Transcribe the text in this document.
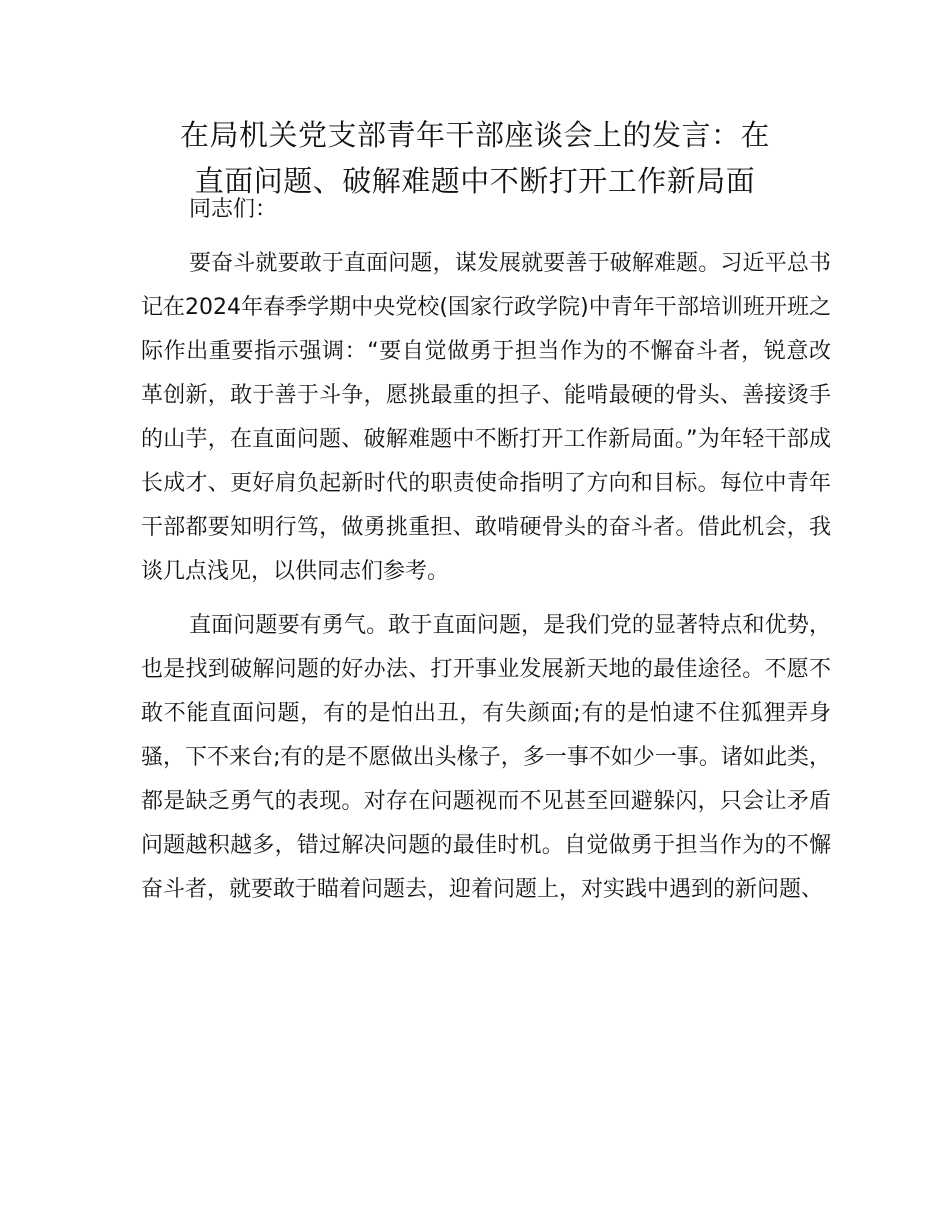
在局机关党支部青年干部座谈会上的发言：在
直面问题、破解难题中不断打开工作新局面

同志们：

要奋斗就要敢于直面问题，谋发展就要善于破解难题。习近平总书记在2024年春季学期中央党校(国家行政学院)中青年干部培训班开班之际作出重要指示强调：“要自觉做勇于担当作为的不懈奋斗者，锐意改革创新，敢于善于斗争，愿挑最重的担子、能啃最硬的骨头、善接烫手的山芋，在直面问题、破解难题中不断打开工作新局面。”为年轻干部成长成才、更好肩负起新时代的职责使命指明了方向和目标。每位中青年干部都要知明行笃，做勇挑重担、敢啃硬骨头的奋斗者。借此机会，我谈几点浅见，以供同志们参考。

直面问题要有勇气。敢于直面问题，是我们党的显著特点和优势，也是找到破解问题的好办法、打开事业发展新天地的最佳途径。不愿不敢不能直面问题，有的是怕出丑，有失颜面;有的是怕逮不住狐狸弄身骚，下不来台;有的是不愿做出头椽子，多一事不如少一事。诸如此类，都是缺乏勇气的表现。对存在问题视而不见甚至回避躲闪，只会让矛盾问题越积越多，错过解决问题的最佳时机。自觉做勇于担当作为的不懈奋斗者，就要敢于瞄着问题去，迎着问题上，对实践中遇到的新问题、
